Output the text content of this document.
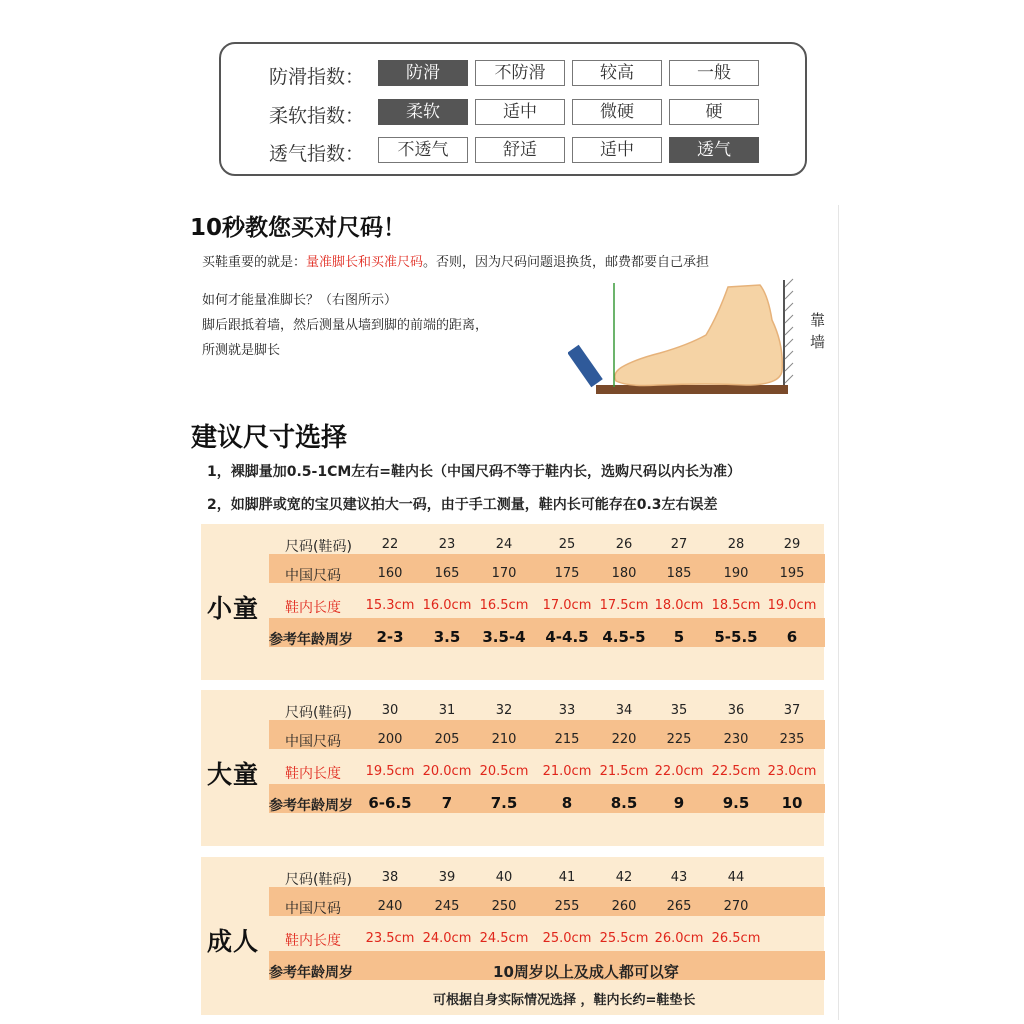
防滑指数：	防滑	不防滑	较高	一般
柔软指数：	柔软	适中	微硬	硬
透气指数：	不透气	舒适	适中	透气
10秒教您买对尺码！
买鞋重要的就是：量准脚长和买准尺码。否则，因为尺码问题退换货，邮费都要自己承担
如何才能量准脚长？（右图所示）
脚后跟抵着墙，然后测量从墙到脚的前端的距离，
所测就是脚长
靠
墙
建议尺寸选择
1，裸脚量加0.5-1CM左右=鞋内长（中国尺码不等于鞋内长，选购尺码以内长为准）
2，如脚胖或宽的宝贝建议拍大一码，由于手工测量，鞋内长可能存在0.3左右误差
小童
尺码(鞋码)	22	23	24	25	26	27	28	29
中国尺码	160	165	170	175	180	185	190	195
鞋内长度	15.3cm 16.0cm 16.5cm	17.0cm 17.5cm 18.0cm 18.5cm 19.0cm
参考年龄周岁	2-3	3.5	3.5-4	4-4.5 4.5-5	5	5-5.5	6
大童
尺码(鞋码)	30	31	32	33	34	35	36	37
中国尺码	200	205	210	215	220	225	230	235
鞋内长度	19.5cm 20.0cm 20.5cm	21.0cm 21.5cm 22.0cm 22.5cm 23.0cm
参考年龄周岁	6-6.5	7	7.5	8	8.5	9	9.5	10
成人
尺码(鞋码)	38	39	40	41	42	43	44
中国尺码	240	245	250	255	260	265	270
鞋内长度	23.5cm 24.0cm 24.5cm	25.0cm 25.5cm 26.0cm 26.5cm
参考年龄周岁	10周岁以上及成人都可以穿
可根据自身实际情况选择 ，鞋内长约=鞋垫长
